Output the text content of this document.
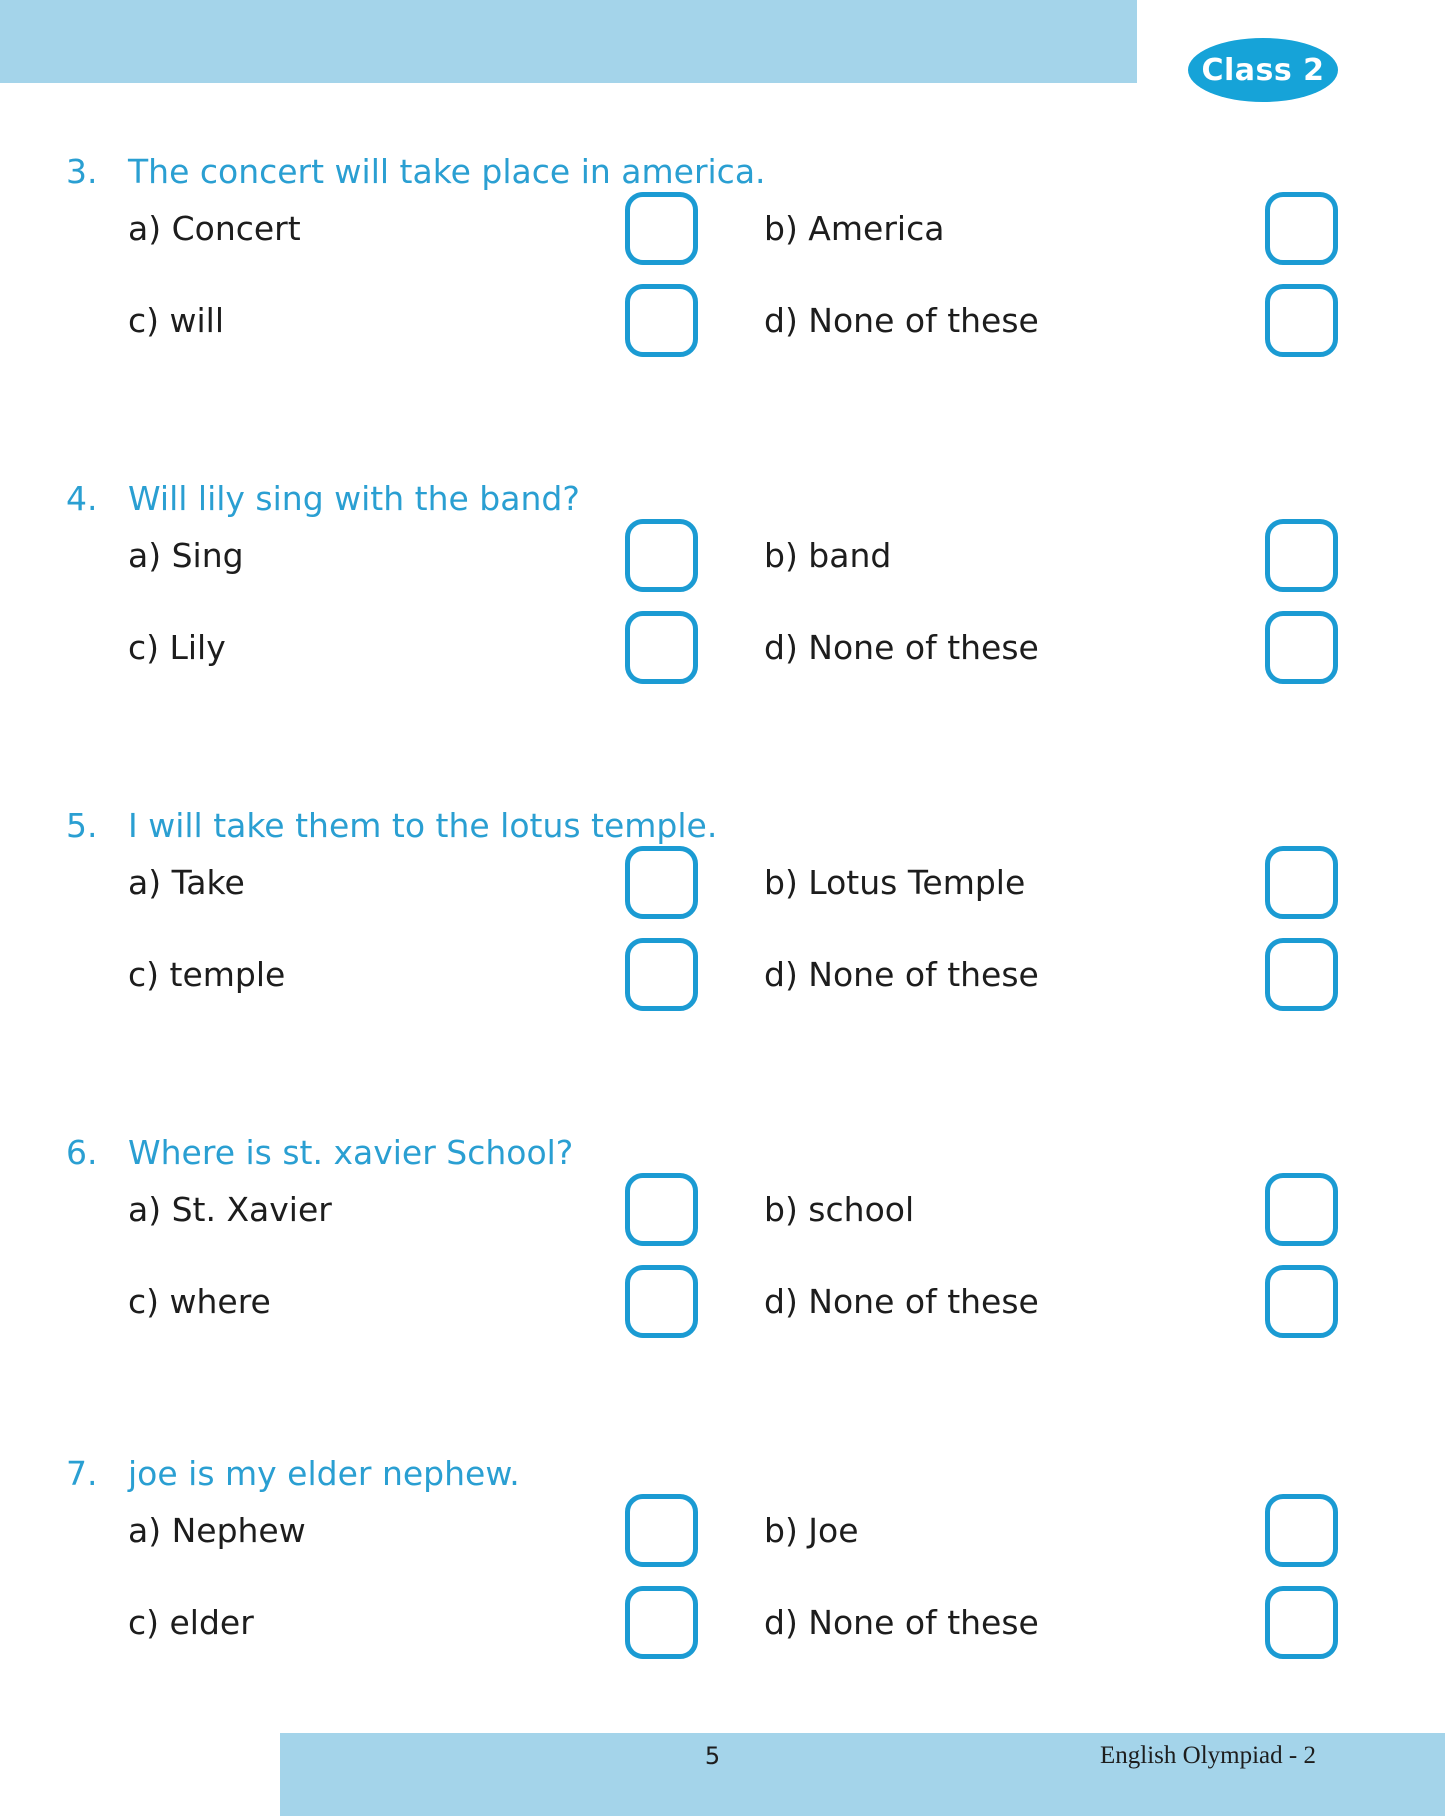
Class 2
3. The concert will take place in america.
a) Concert	b) America
c) will	d) None of these
4. Will lily sing with the band?
a) Sing	b) band
c) Lily	d) None of these
5. I will take them to the lotus temple.
a) Take	b) Lotus Temple
c) temple	d) None of these
6. Where is st. xavier School?
a) St. Xavier	b) school
c) where	d) None of these
7. joe is my elder nephew.
a) Nephew	b) Joe
c) elder	d) None of these
5	English Olympiad - 2
